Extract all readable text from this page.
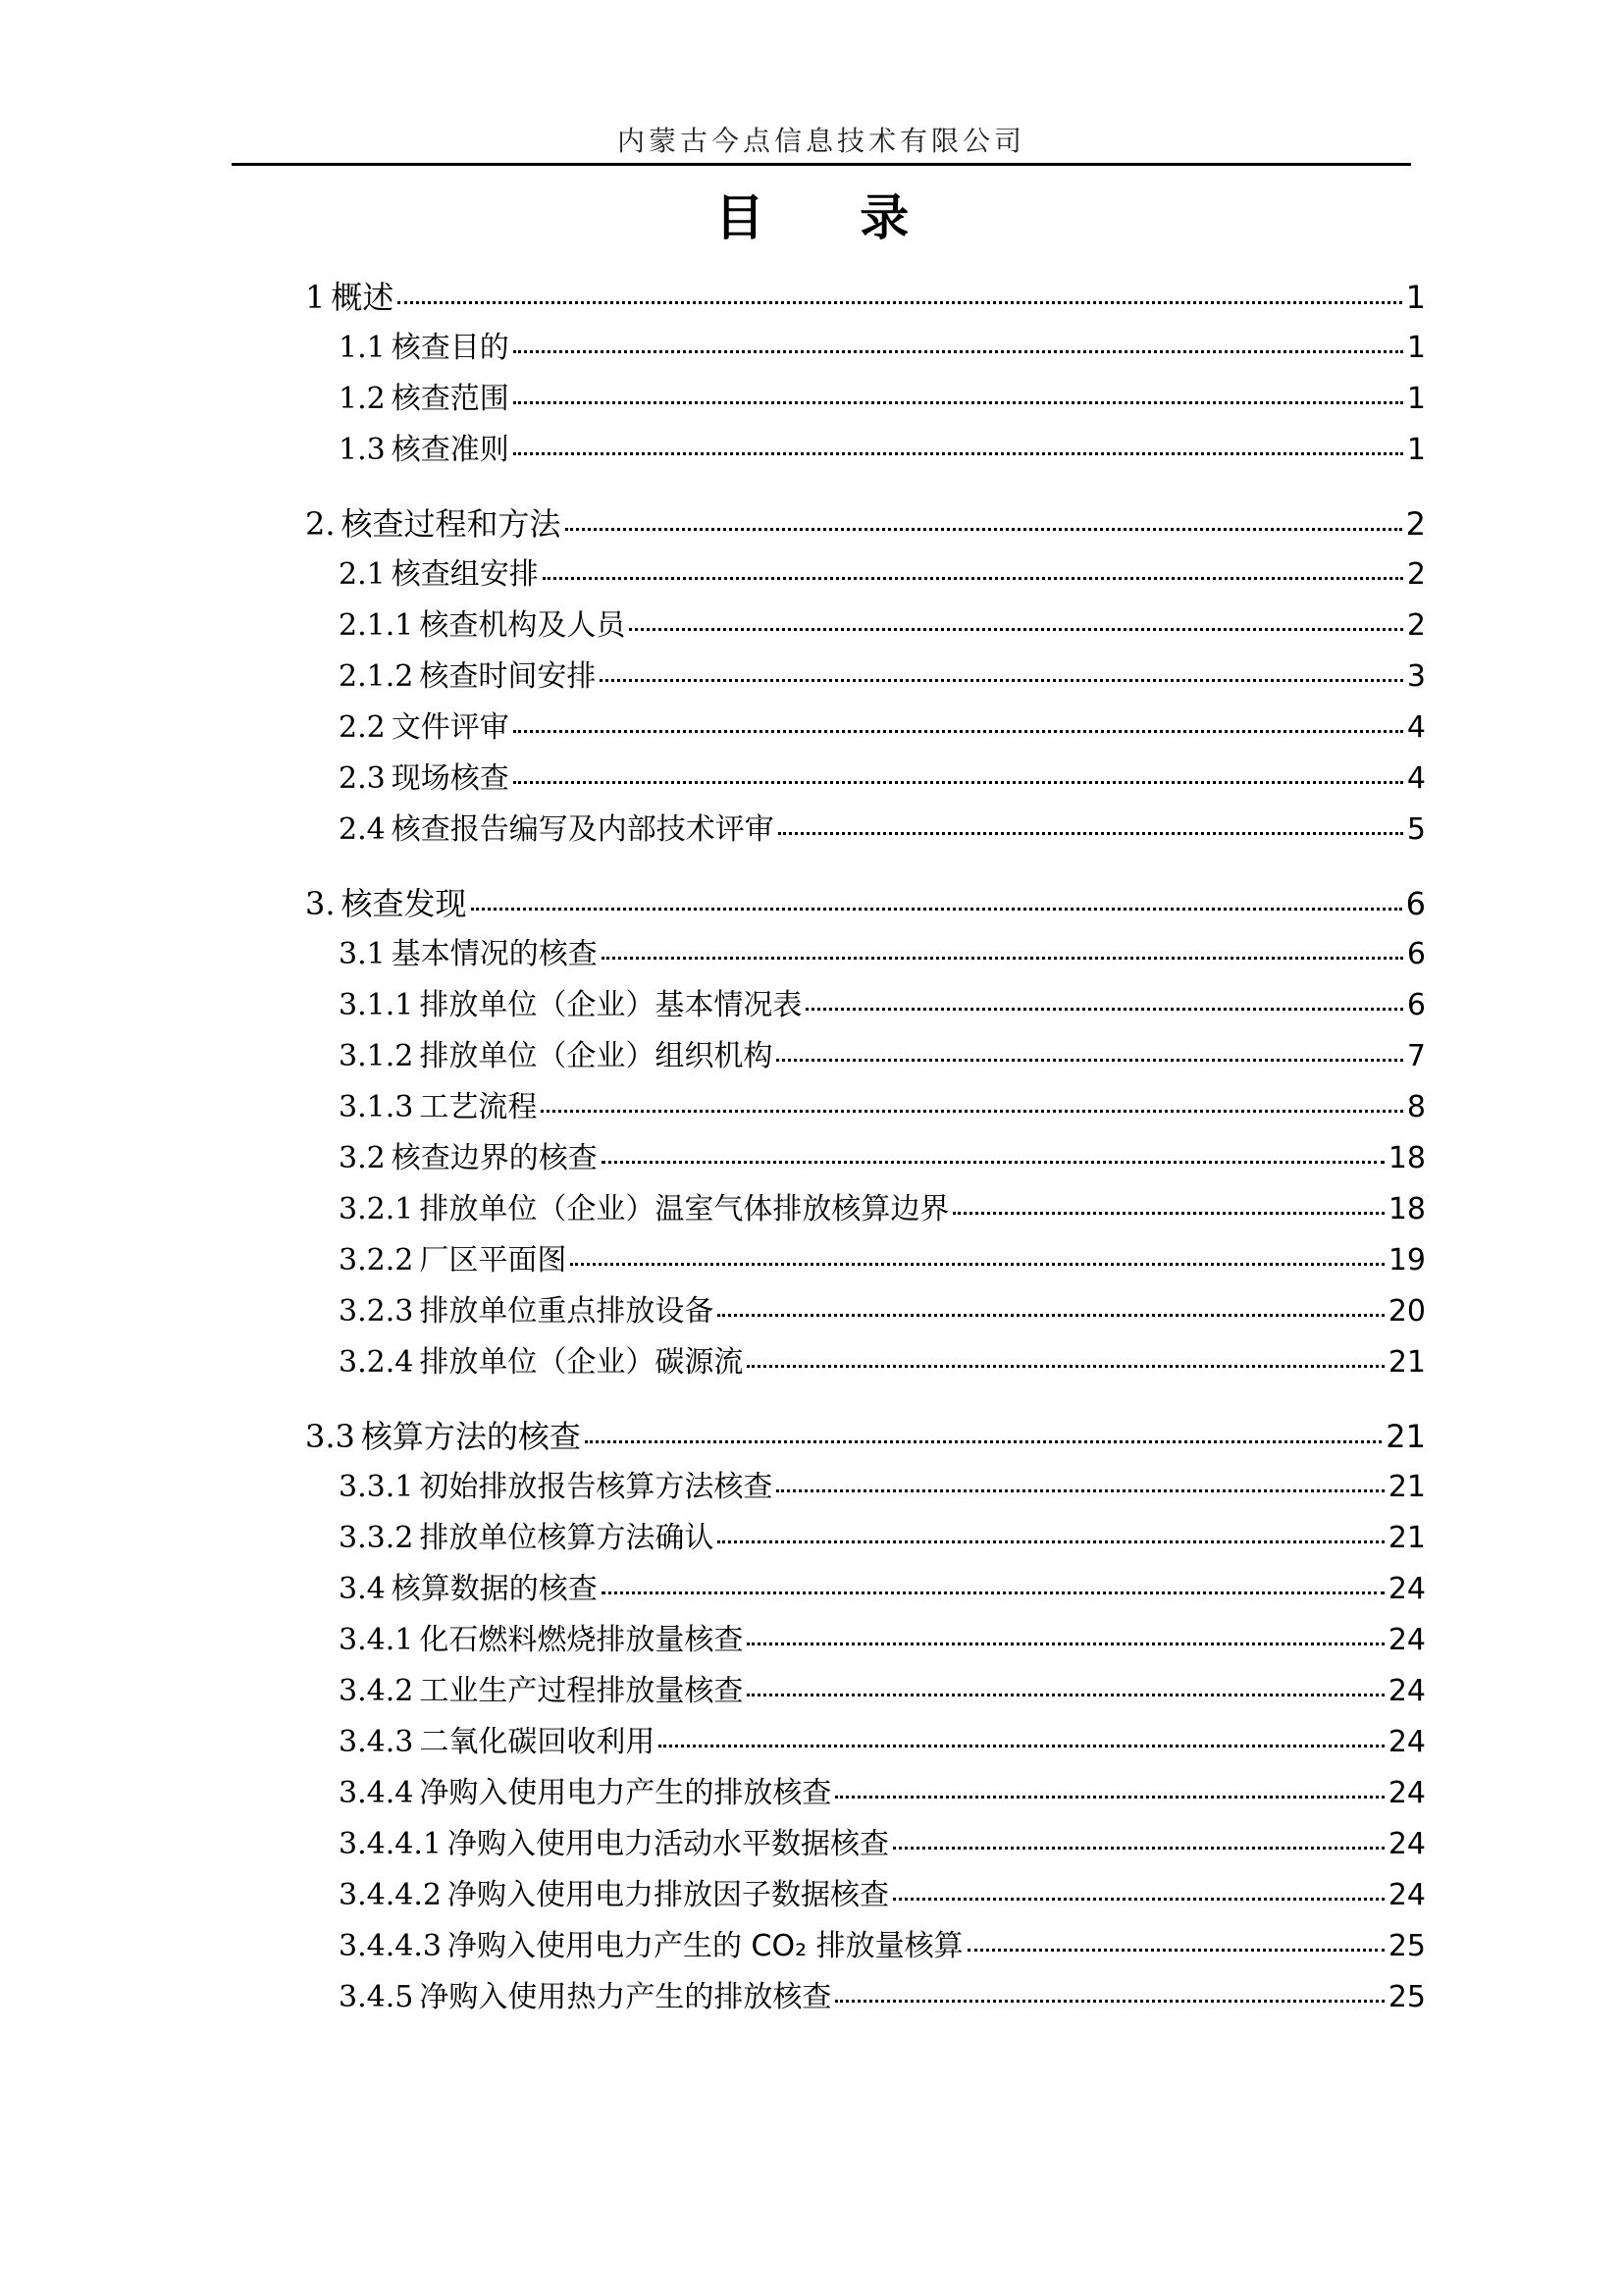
内蒙古今点信息技术有限公司
目 录
1 概述	1
1.1 核查目的	1
1.2 核查范围	1
1.3 核查准则	1
2. 核查过程和方法	2
2.1 核查组安排	2
2.1.1 核查机构及人员	2
2.1.2 核查时间安排	3
2.2 文件评审	4
2.3 现场核查	4
2.4 核查报告编写及内部技术评审	5
3. 核查发现	6
3.1 基本情况的核查	6
3.1.1 排放单位（企业）基本情况表	6
3.1.2 排放单位（企业）组织机构	7
3.1.3 工艺流程	8
3.2 核查边界的核查	18
3.2.1 排放单位（企业）温室气体排放核算边界	18
3.2.2 厂区平面图	19
3.2.3 排放单位重点排放设备	20
3.2.4 排放单位（企业）碳源流	21
3.3 核算方法的核查	21
3.3.1 初始排放报告核算方法核查	21
3.3.2 排放单位核算方法确认	21
3.4 核算数据的核查	24
3.4.1 化石燃料燃烧排放量核查	24
3.4.2 工业生产过程排放量核查	24
3.4.3 二氧化碳回收利用	24
3.4.4 净购入使用电力产生的排放核查	24
3.4.4.1 净购入使用电力活动水平数据核查	24
3.4.4.2 净购入使用电力排放因子数据核查	24
3.4.4.3 净购入使用电力产生的 CO₂ 排放量核算	25
3.4.5 净购入使用热力产生的排放核查	25
